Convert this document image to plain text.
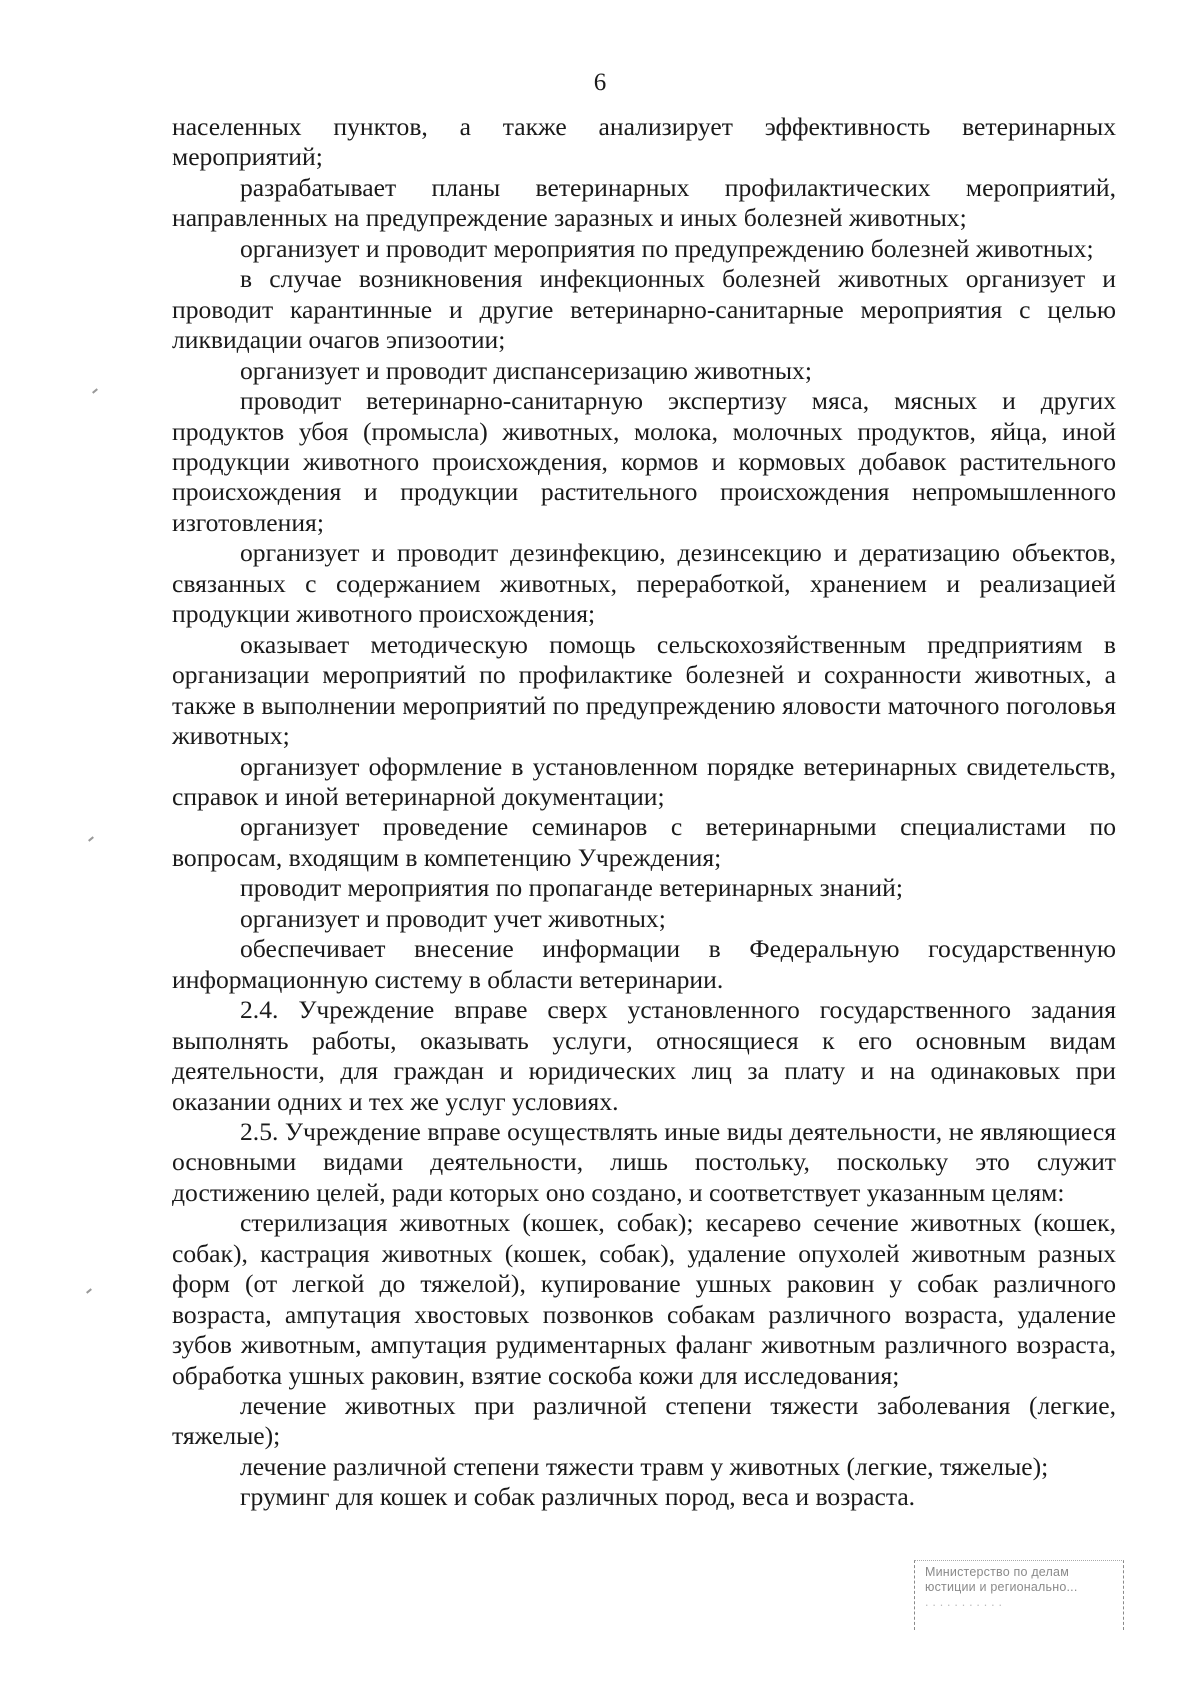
6

населенных пунктов, а также анализирует эффективность ветеринарных мероприятий;

разрабатывает планы ветеринарных профилактических мероприятий, направленных на предупреждение заразных и иных болезней животных;

организует и проводит мероприятия по предупреждению болезней животных;

в случае возникновения инфекционных болезней животных организует и проводит карантинные и другие ветеринарно-санитарные мероприятия с целью ликвидации очагов эпизоотии;

организует и проводит диспансеризацию животных;

проводит ветеринарно-санитарную экспертизу мяса, мясных и других продуктов убоя (промысла) животных, молока, молочных продуктов, яйца, иной продукции животного происхождения, кормов и кормовых добавок растительного происхождения и продукции растительного происхождения непромышленного изготовления;

организует и проводит дезинфекцию, дезинсекцию и дератизацию объектов, связанных с содержанием животных, переработкой, хранением и реализацией продукции животного происхождения;

оказывает методическую помощь сельскохозяйственным предприятиям в организации мероприятий по профилактике болезней и сохранности животных, а также в выполнении мероприятий по предупреждению яловости маточного поголовья животных;

организует оформление в установленном порядке ветеринарных свидетельств, справок и иной ветеринарной документации;

организует проведение семинаров с ветеринарными специалистами по вопросам, входящим в компетенцию Учреждения;

проводит мероприятия по пропаганде ветеринарных знаний;

организует и проводит учет животных;

обеспечивает внесение информации в Федеральную государственную информационную систему в области ветеринарии.

2.4. Учреждение вправе сверх установленного государственного задания выполнять работы, оказывать услуги, относящиеся к его основным видам деятельности, для граждан и юридических лиц за плату и на одинаковых при оказании одних и тех же услуг условиях.

2.5. Учреждение вправе осуществлять иные виды деятельности, не являющиеся основными видами деятельности, лишь постольку, поскольку это служит достижению целей, ради которых оно создано, и соответствует указанным целям:

стерилизация животных (кошек, собак); кесарево сечение животных (кошек, собак), кастрация животных (кошек, собак), удаление опухолей животным разных форм (от легкой до тяжелой), купирование ушных раковин у собак различного возраста, ампутация хвостовых позвонков собакам различного возраста, удаление зубов животным, ампутация рудиментарных фаланг животным различного возраста, обработка ушных раковин, взятие соскоба кожи для исследования;

лечение животных при различной степени тяжести заболевания (легкие, тяжелые);

лечение различной степени тяжести травм у животных (легкие, тяжелые);

груминг для кошек и собак различных пород, веса и возраста.

Министерство по делам
юстиции и регионально...
. . . . . . . . . . .
